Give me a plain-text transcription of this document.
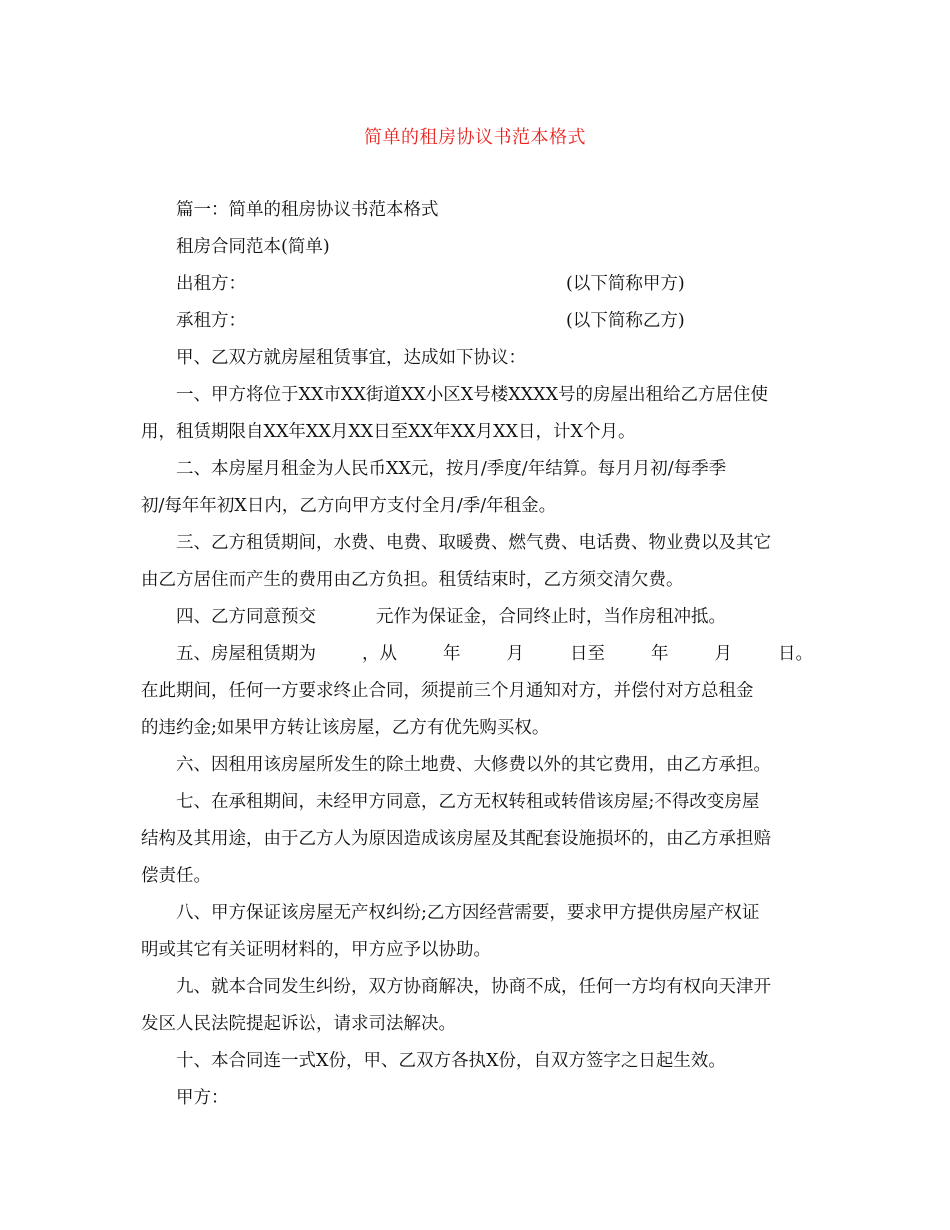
简单的租房协议书范本格式
篇一：简单的租房协议书范本格式
租房合同范本(简单)
出租方：	(以下简称甲方)
承租方：	(以下简称乙方)
甲、乙双方就房屋租赁事宜，达成如下协议：
一、甲方将位于XX市XX街道XX小区X号楼XXXX号的房屋出租给乙方居住使
用，租赁期限自XX年XX月XX日至XX年XX月XX日，计X个月。
二、本房屋月租金为人民币XX元，按月/季度/年结算。每月月初/每季季
初/每年年初X日内，乙方向甲方支付全月/季/年租金。
三、乙方租赁期间，水费、电费、取暖费、燃气费、电话费、物业费以及其它
由乙方居住而产生的费用由乙方负担。租赁结束时，乙方须交清欠费。
四、乙方同意预交	元作为保证金，合同终止时，当作房租冲抵。
五、房屋租赁期为	，从	年	月	日至	年	月	日。
在此期间，任何一方要求终止合同，须提前三个月通知对方，并偿付对方总租金
的违约金;如果甲方转让该房屋，乙方有优先购买权。
六、因租用该房屋所发生的除土地费、大修费以外的其它费用，由乙方承担。
七、在承租期间，未经甲方同意，乙方无权转租或转借该房屋;不得改变房屋
结构及其用途，由于乙方人为原因造成该房屋及其配套设施损坏的，由乙方承担赔
偿责任。
八、甲方保证该房屋无产权纠纷;乙方因经营需要，要求甲方提供房屋产权证
明或其它有关证明材料的，甲方应予以协助。
九、就本合同发生纠纷，双方协商解决，协商不成，任何一方均有权向天津开
发区人民法院提起诉讼，请求司法解决。
十、本合同连一式X份，甲、乙双方各执X份，自双方签字之日起生效。
甲方：
